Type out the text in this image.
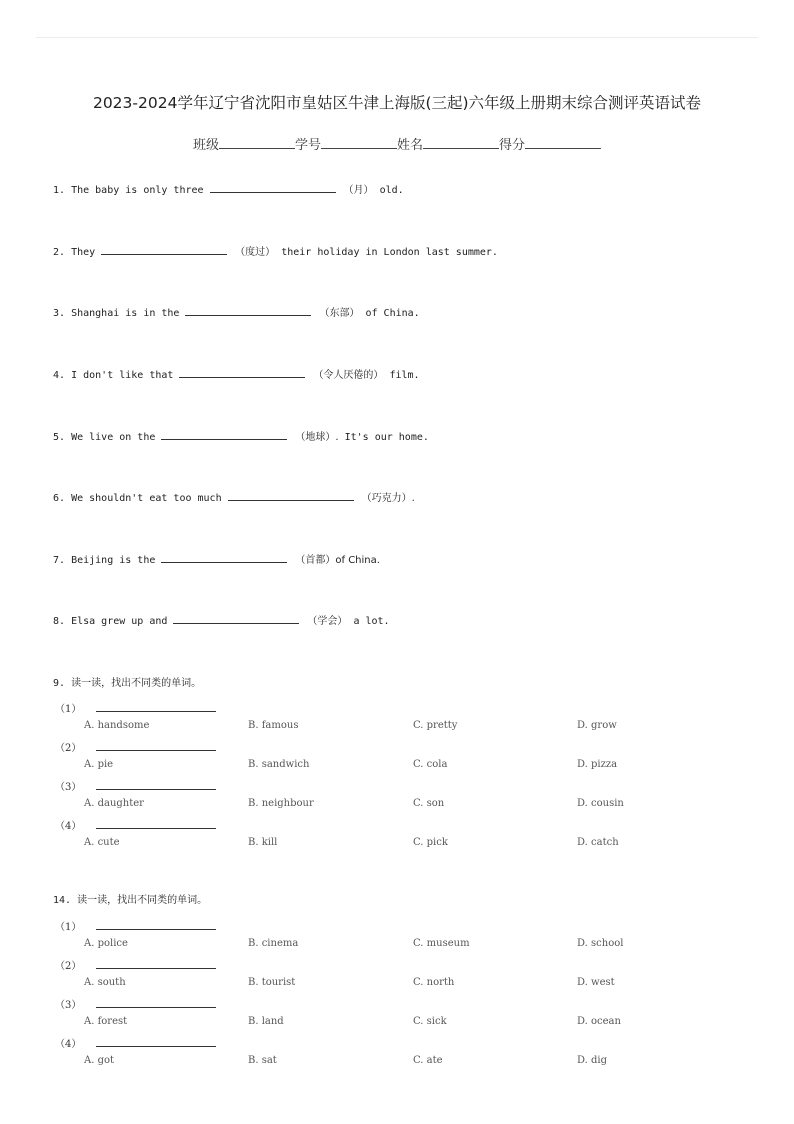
2023-2024学年辽宁省沈阳市皇姑区牛津上海版(三起)六年级上册期末综合测评英语试卷
班级	学号	姓名	得分
1. The baby is only three	（月） old.
2. They	（度过） their holiday in London last summer.
3. Shanghai is in the	（东部） of China.
4. I don't like that	（令人厌倦的） film.
5. We live on the	（地球）. It's our home.
6. We shouldn't eat too much	（巧克力）.
7. Beijing is the	（首都）of China.
8. Elsa grew up and	（学会） a lot.
9. 读一读，找出不同类的单词。
（1）
A. handsome	B. famous	C. pretty	D. grow
（2）
A. pie	B. sandwich	C. cola	D. pizza
（3）
A. daughter	B. neighbour	C. son	D. cousin
（4）
A. cute	B. kill	C. pick	D. catch
14. 读一读，找出不同类的单词。
（1）
A. police	B. cinema	C. museum	D. school
（2）
A. south	B. tourist	C. north	D. west
（3）
A. forest	B. land	C. sick	D. ocean
（4）
A. got	B. sat	C. ate	D. dig
